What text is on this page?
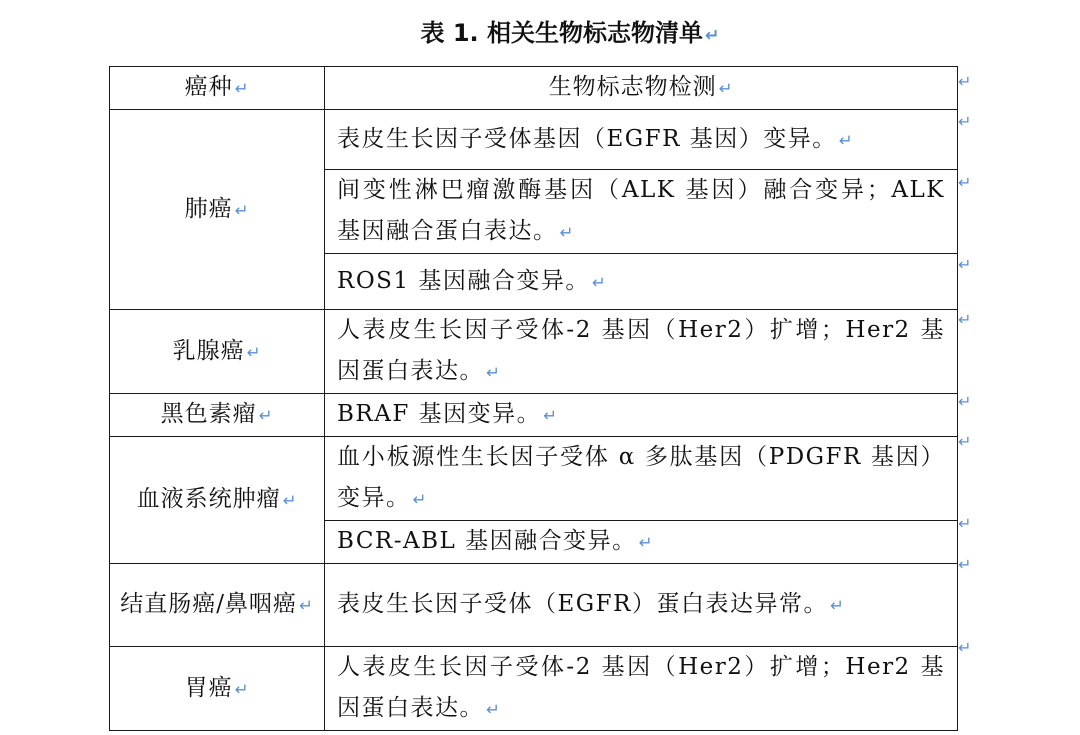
表 1. 相关生物标志物清单 ↵
癌种 ↵	生物标志物检测 ↵
肺癌 ↵	表皮生长因子受体基因（EGFR 基因）变异。 ↵
	间变性淋巴瘤激酶基因（ALK 基因）融合变异；ALK 基因融合蛋白表达。 ↵
	ROS1 基因融合变异。 ↵
乳腺癌 ↵	人表皮生长因子受体-2 基因（Her2）扩增；Her2 基因蛋白表达。 ↵
黑色素瘤 ↵	BRAF 基因变异。 ↵
血液系统肿瘤 ↵	血小板源性生长因子受体 α 多肽基因（PDGFR 基因）变异。 ↵
	BCR-ABL 基因融合变异。 ↵
结直肠癌/鼻咽癌 ↵	表皮生长因子受体（EGFR）蛋白表达异常。 ↵
胃癌 ↵	人表皮生长因子受体-2 基因（Her2）扩增；Her2 基因蛋白表达。 ↵
↵
↵
↵
↵
↵
↵
↵
↵
↵
↵
